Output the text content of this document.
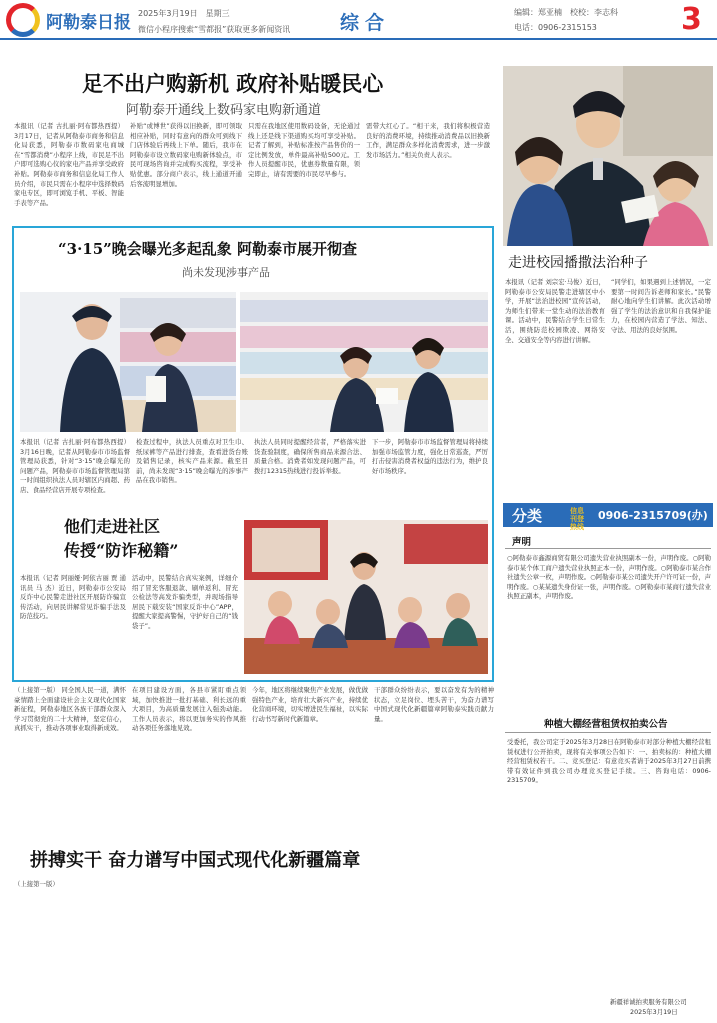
阿勒泰日报 2025年3月19日　星期三
微信小程序搜索“雪都报”获取更多新闻资讯	综合	编辑：郑亚楠　校校：李志科
电话：0906-2315153	3
足不出户购新机 政府补贴暖民心
阿勒泰开通线上数码家电购新通道
本报讯（记者 古扎丽·阿布都热西提）3月17日，记者从阿勒泰市商务和信息化局获悉，阿勒泰市数码家电商城在“雪都消费”小程序上线，市民足不出户即可选购心仪的家电产品并享受政府补贴。阿勒泰市商务和信息化局工作人员介绍，市民只需在小程序中选择数码家电专区，即可浏览手机、平板、智能手表等产品。
补贴“或博世”获得以旧换新，即可领取相应补贴，同时有意向的群众可到线下门店体验后再线上下单。随后，我市在阿勒泰市设立数码家电购新体验点，市民可现场咨询并完成购买流程，享受补贴优惠。部分商户表示，线上通道开通后客流明显增加。
只需在我地区使用数码设备，无论通过线上还是线下渠道购买均可享受补贴。记者了解到，补贴标准按产品售价的一定比例发放，单件最高补贴500元。工作人员提醒市民，优惠券数量有限，领完即止，请有需要的市民尽早参与。
需带大红心了。“相干来，我们将积极营造良好的消费环境，持续推动消费品以旧换新工作，满足群众多样化消费需求，进一步激发市场活力。”相关负责人表示。
走进校园播撒法治种子
本报讯（记者 刘宗宏·马俊）近日，阿勒泰市公安局民警走进辖区中小学，开展“法治进校园”宣传活动，为师生们带来一堂生动的法治教育课。活动中，民警结合学生日常生活，围绕防范校园欺凌、网络安全、交通安全等内容进行讲解。
“同学们，如果遇到上述情况，一定要第一时间告诉老师和家长。”民警耐心地向学生们讲解。此次活动增强了学生的法治意识和自我保护能力，在校园内营造了学法、知法、守法、用法的良好氛围。
“3·15”晚会曝光多起乱象 阿勒泰市展开彻查
尚未发现涉事产品
本报讯（记者 古扎丽·阿布都热西提）3月16日晚，记者从阿勒泰市市场监督管理局获悉，针对“3·15”晚会曝光的问题产品，阿勒泰市市场监督管理局第一时间组织执法人员对辖区内商超、药店、食品经营店开展专项检查。
检查过程中，执法人员重点对卫生巾、纸尿裤等产品进行排查，查看进货台账及销售记录，核实产品来源。截至目前，尚未发现“3·15”晚会曝光的涉事产品在我市销售。
执法人员同时提醒经营者，严格落实进货查验制度，确保所售商品来源合法、质量合格。消费者如发现问题产品，可拨打12315热线进行投诉举报。
下一步，阿勒泰市市场监督管理局将持续加强市场监管力度，强化日常巡查，严厉打击侵害消费者权益的违法行为，维护良好市场秩序。
他们走进社区
传授“防诈秘籍”
本报讯（记者 阿丽娅·阿依古丽 贾 通讯员 马 杰）近日，阿勒泰市公安局反诈中心民警走进社区开展防诈骗宣传活动，向居民讲解常见诈骗手法及防范技巧。
活动中，民警结合真实案例，详细介绍了冒充客服退款、刷单返利、冒充公检法等高发诈骗类型，并现场指导居民下载安装“国家反诈中心”APP，提醒大家提高警惕，守护好自己的“钱袋子”。
（上接第一版） 同全国人民一道，满怀豪情踏上全面建设社会主义现代化国家新征程，阿勒泰地区各族干部群众深入学习贯彻党的二十大精神，坚定信心，真抓实干，推动各项事业取得新成效。
在项目建设方面，各县市紧盯重点领域，加快推进一批打基础、利长远的重大项目，为高质量发展注入强劲动能。工作人员表示，将以更加务实的作风推动各项任务落地见效。
今年，地区将继续聚焦产业发展，做优做强特色产业，培育壮大新兴产业，持续优化营商环境，切实增进民生福祉，以实际行动书写新时代新篇章。
干部群众纷纷表示，要以奋发有为的精神状态，立足岗位、埋头苦干，为奋力谱写中国式现代化新疆篇章阿勒泰实践贡献力量。
拼搏实干 奋力谱写中国式现代化新疆篇章
（上接第一版）
分类	信息
刊登
热线
0906-2315709(办)
声明
○阿勒泰市鑫源商贸有限公司遗失营业执照副本一份，声明作废。○阿勒泰市某个体工商户遗失营业执照正本一份，声明作废。○阿勒泰市某合作社遗失公章一枚，声明作废。○阿勒泰市某公司遗失开户许可证一份，声明作废。○某某遗失身份证一张，声明作废。○阿勒泰市某商行遗失营业执照正副本，声明作废。
种植大棚经营租赁权拍卖公告
受委托，我公司定于2025年3月28日在阿勒泰市对部分种植大棚经营租赁权进行公开拍卖，现将有关事项公告如下：一、拍卖标的：种植大棚经营租赁权若干。二、竞买登记：有意竞买者请于2025年3月27日前携带有效证件到我公司办理竞买登记手续。三、咨询电话：0906-2315709。
新疆祥诚拍卖服务有限公司
2025年3月19日
